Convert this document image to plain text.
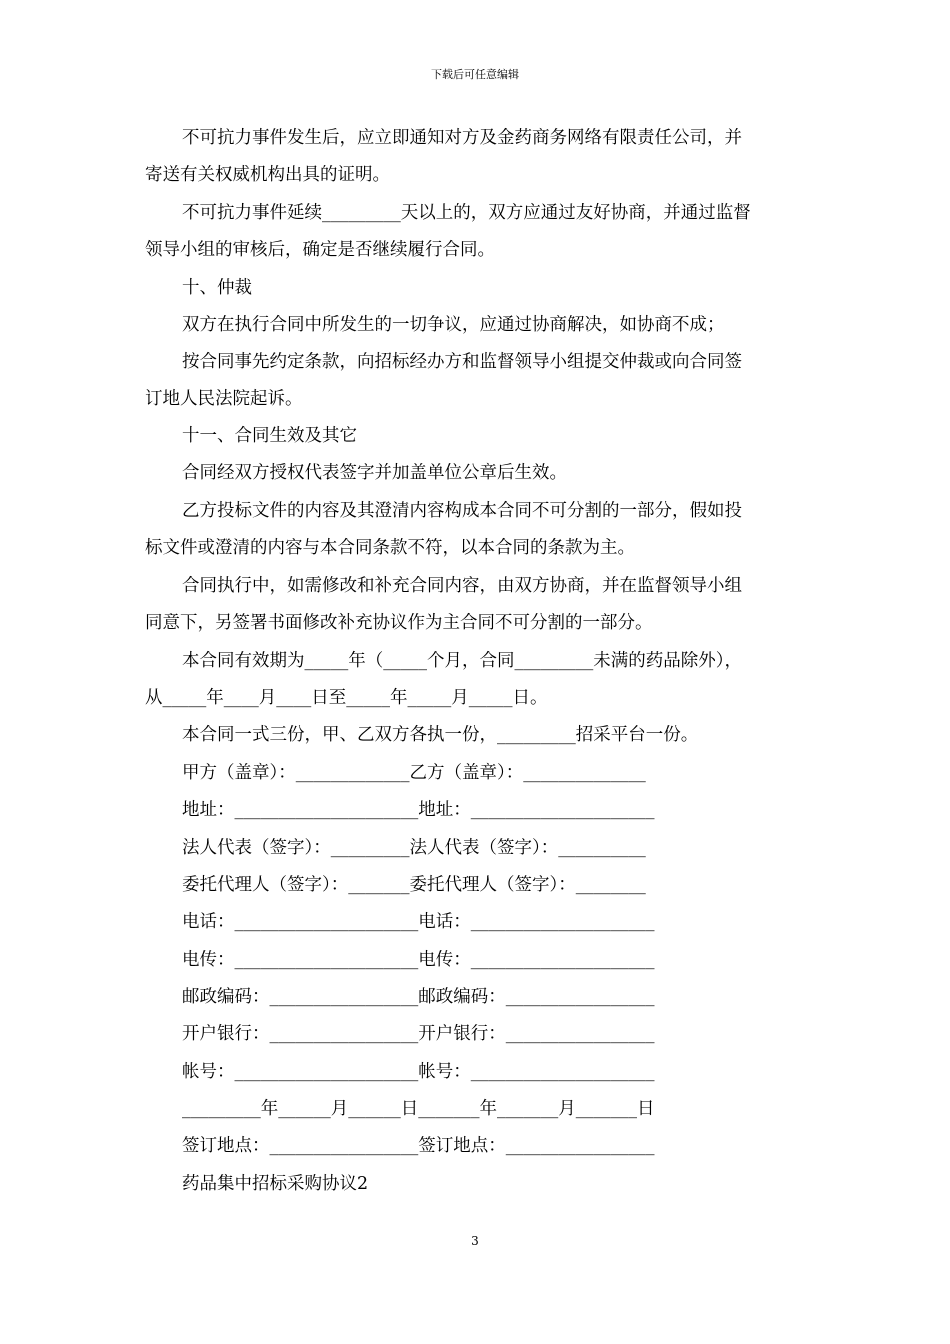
下载后可任意编辑
不可抗力事件发生后，应立即通知对方及金药商务网络有限责任公司，并
寄送有关权威机构出具的证明。
不可抗力事件延续_________天以上的，双方应通过友好协商，并通过监督
领导小组的审核后，确定是否继续履行合同。
十、仲裁
双方在执行合同中所发生的一切争议，应通过协商解决，如协商不成；
按合同事先约定条款，向招标经办方和监督领导小组提交仲裁或向合同签
订地人民法院起诉。
十一、合同生效及其它
合同经双方授权代表签字并加盖单位公章后生效。
乙方投标文件的内容及其澄清内容构成本合同不可分割的一部分，假如投
标文件或澄清的内容与本合同条款不符，以本合同的条款为主。
合同执行中，如需修改和补充合同内容，由双方协商，并在监督领导小组
同意下，另签署书面修改补充协议作为主合同不可分割的一部分。
本合同有效期为_____年（_____个月，合同_________未满的药品除外），
从_____年____月____日至_____年_____月_____日。
本合同一式三份，甲、乙双方各执一份，_________招采平台一份。
甲方（盖章）：_____________乙方（盖章）：______________
地址：_____________________地址：_____________________
法人代表（签字）：_________法人代表（签字）：__________
委托代理人（签字）：_______委托代理人（签字）：________
电话：_____________________电话：_____________________
电传：_____________________电传：_____________________
邮政编码：_________________邮政编码：_________________
开户银行：_________________开户银行：_________________
帐号：_____________________帐号：_____________________
_________年______月______日_______年_______月_______日
签订地点：_________________签订地点：_________________
药品集中招标采购协议2
3
